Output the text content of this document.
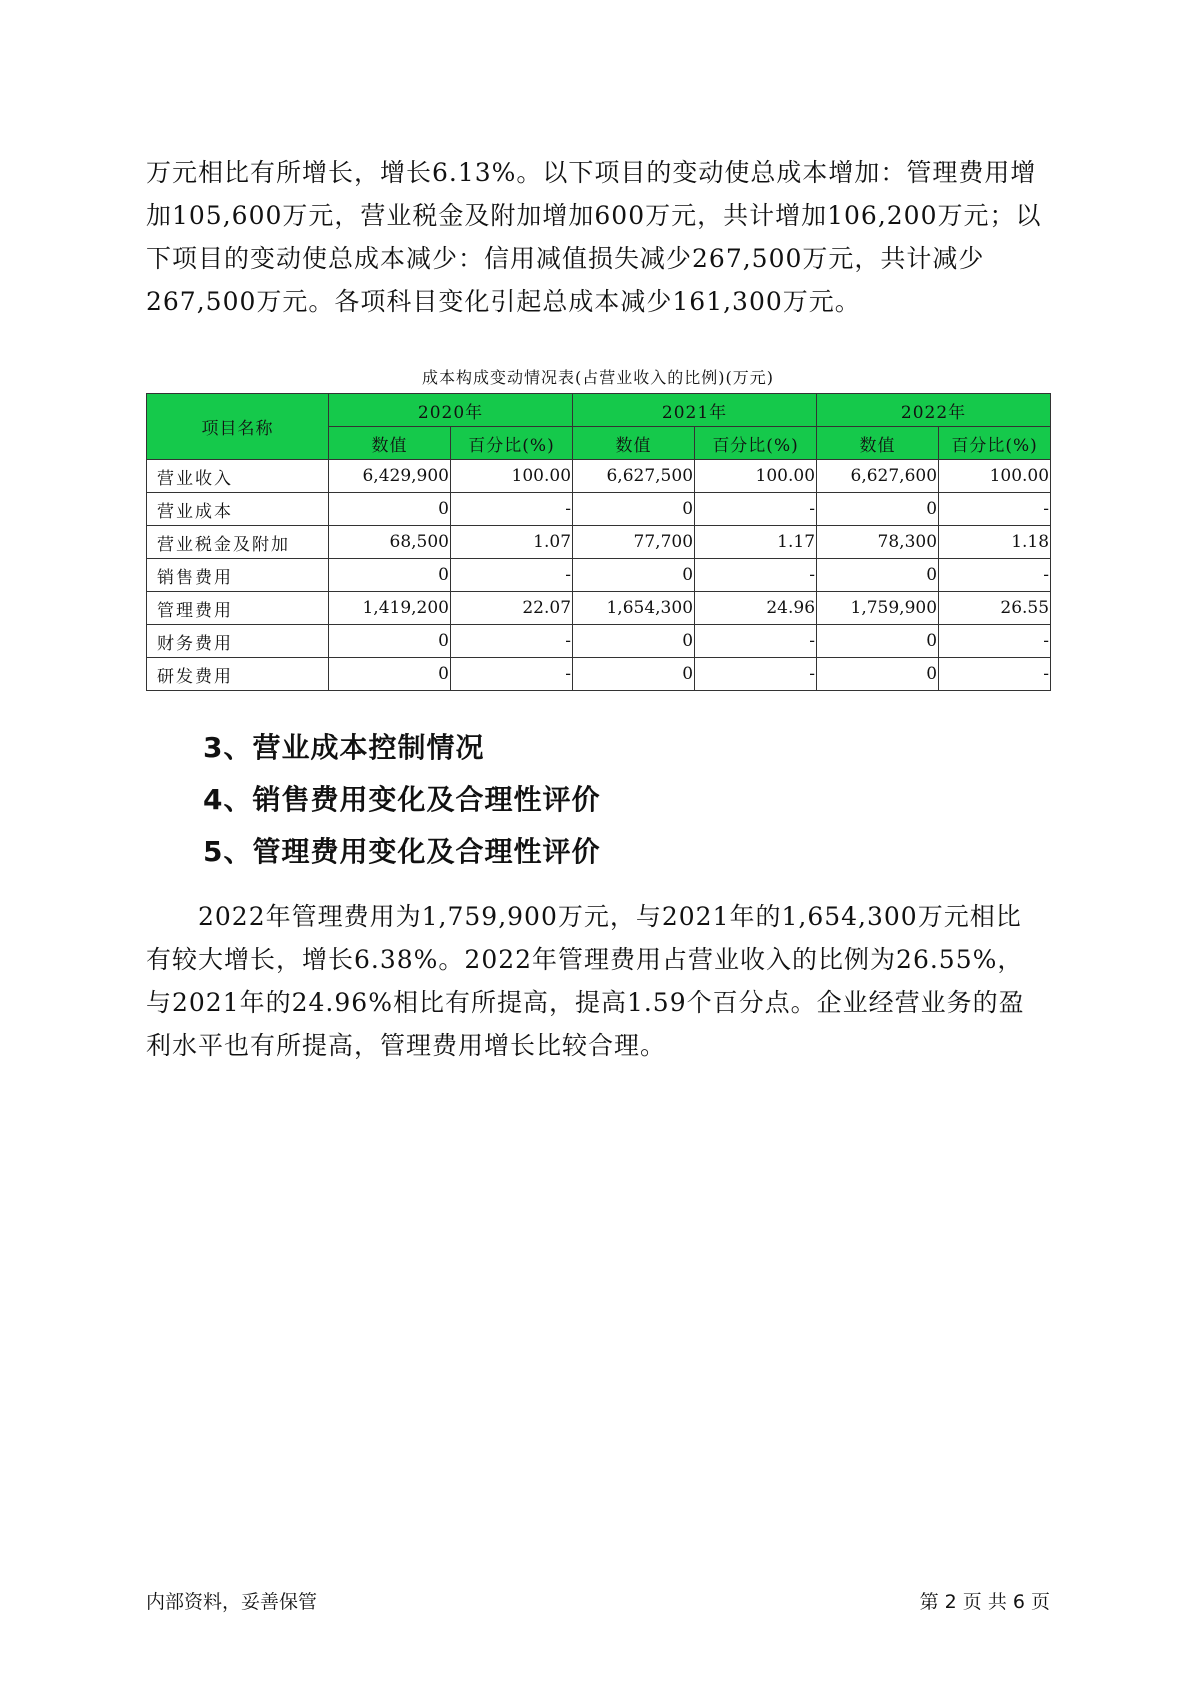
万元相比有所增长，增长6.13%。以下项目的变动使总成本增加：管理费用增加105,600万元，营业税金及附加增加600万元，共计增加106,200万元；以下项目的变动使总成本减少：信用减值损失减少267,500万元，共计减少267,500万元。各项科目变化引起总成本减少161,300万元。

成本构成变动情况表(占营业收入的比例)(万元)
项目名称	2020年		2021年		2022年	
	数值	百分比(%)	数值	百分比(%)	数值	百分比(%)
营业收入	6,429,900	100.00	6,627,500	100.00	6,627,600	100.00
营业成本	0	-	0	-	0	-
营业税金及附加	68,500	1.07	77,700	1.17	78,300	1.18
销售费用	0	-	0	-	0	-
管理费用	1,419,200	22.07	1,654,300	24.96	1,759,900	26.55
财务费用	0	-	0	-	0	-
研发费用	0	-	0	-	0	-
3、营业成本控制情况
4、销售费用变化及合理性评价
5、管理费用变化及合理性评价

2022年管理费用为1,759,900万元，与2021年的1,654,300万元相比有较大增长，增长6.38%。2022年管理费用占营业收入的比例为26.55%，与2021年的24.96%相比有所提高，提高1.59个百分点。企业经营业务的盈利水平也有所提高，管理费用增长比较合理。

内部资料，妥善保管	第 2 页 共 6 页
